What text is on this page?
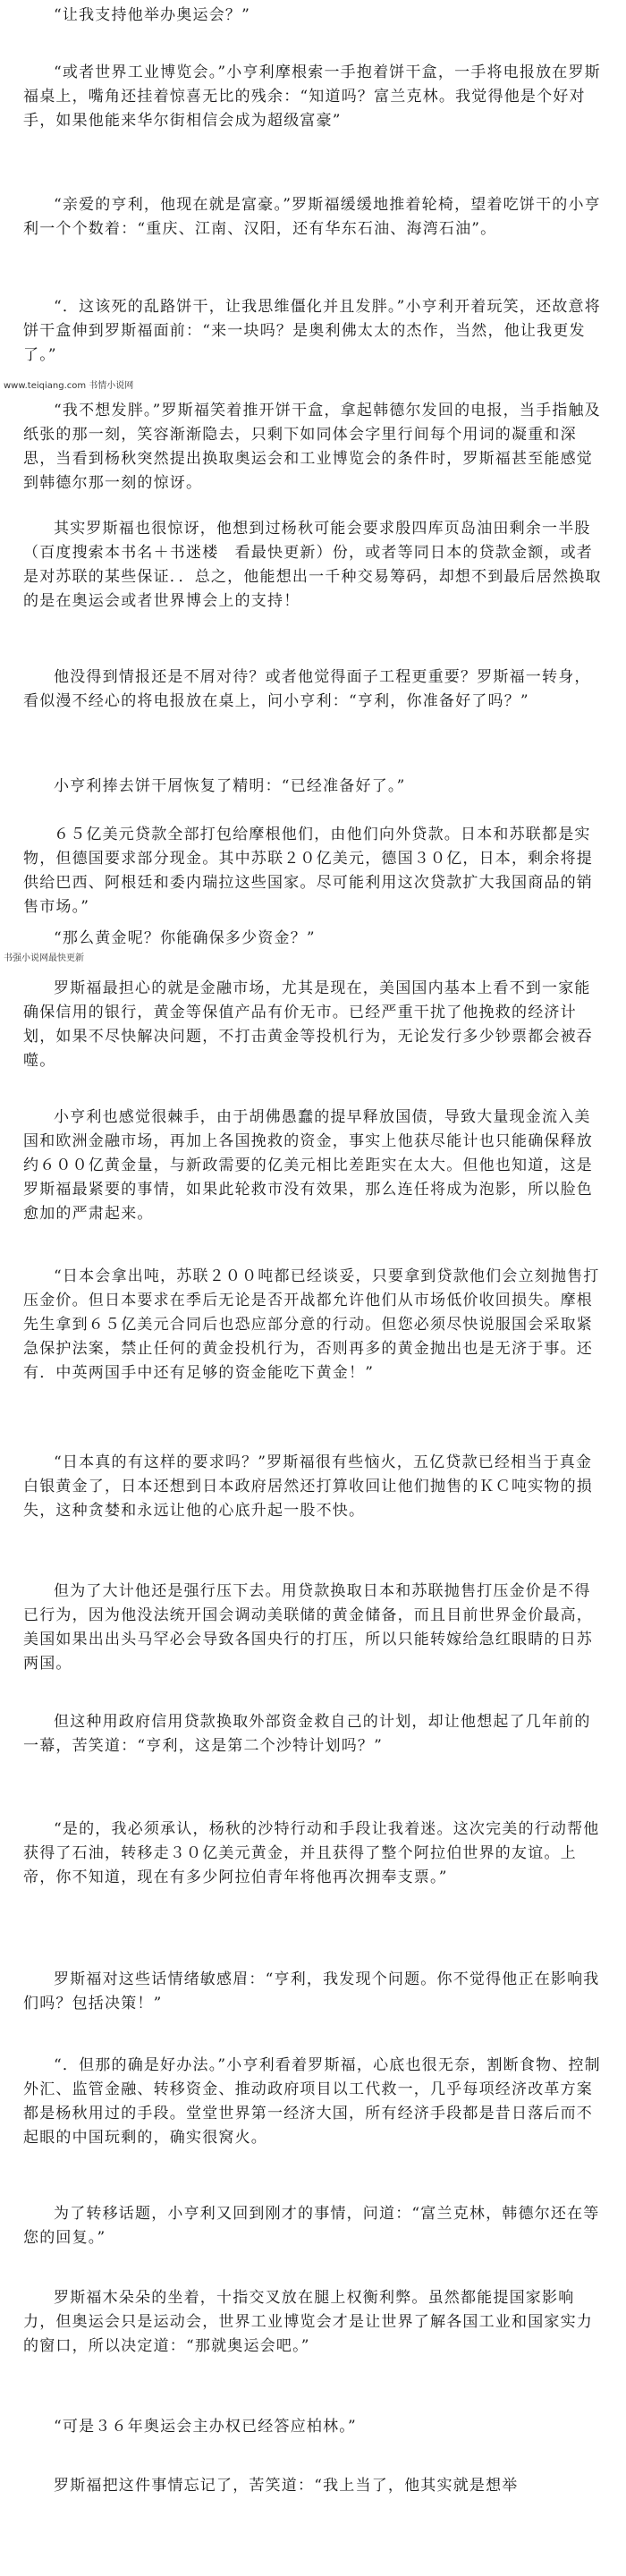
“让我支持他举办奥运会？”

“或者世界工业博览会。”小亨利摩根索一手抱着饼干盒，一手将电报放在罗斯福桌上，嘴角还挂着惊喜无比的残余：“知道吗？富兰克林。我觉得他是个好对手，如果他能来华尔街相信会成为超级富豪”

“亲爱的亨利，他现在就是富豪。”罗斯福缓缓地推着轮椅，望着吃饼干的小亨利一个个数着：“重庆、江南、汉阳，还有华东石油、海湾石油”。

“．这该死的乱路饼干，让我思维僵化并且发胖。”小亨利开着玩笑，还故意将饼干盒伸到罗斯福面前：“来一块吗？是奥利佛太太的杰作，当然，他让我更发了。”

www.teiqiang.com 书情小说网

“我不想发胖。”罗斯福笑着推开饼干盒，拿起韩德尔发回的电报，当手指触及纸张的那一刻，笑容渐渐隐去，只剩下如同体会字里行间每个用词的凝重和深思，当看到杨秋突然提出换取奥运会和工业博览会的条件时，罗斯福甚至能感觉到韩德尔那一刻的惊讶。

其实罗斯福也很惊讶，他想到过杨秋可能会要求殷四库页岛油田剩余一半股（百度搜索本书名＋书迷楼　看最快更新）份，或者等同日本的贷款金额，或者是对苏联的某些保证．．总之，他能想出一千种交易筹码，却想不到最后居然换取的是在奥运会或者世界博会上的支持！

他没得到情报还是不屑对待？或者他觉得面子工程更重要？罗斯福一转身，看似漫不经心的将电报放在桌上，问小亨利：“亨利，你准备好了吗？”

小亨利捧去饼干屑恢复了精明：“已经准备好了。”

６５亿美元贷款全部打包给摩根他们，由他们向外贷款。日本和苏联都是实物，但德国要求部分现金。其中苏联２０亿美元，德国３０亿，日本，剩余将提供给巴西、阿根廷和委内瑞拉这些国家。尽可能利用这次贷款扩大我国商品的销售市场。”

书强小说网最快更新

“那么黄金呢？你能确保多少资金？”

罗斯福最担心的就是金融市场，尤其是现在，美国国内基本上看不到一家能确保信用的银行，黄金等保值产品有价无市。已经严重干扰了他挽救的经济计划，如果不尽快解决问题，不打击黄金等投机行为，无论发行多少钞票都会被吞噬。

小亨利也感觉很棘手，由于胡佛愚蠢的提早释放国债，导致大量现金流入美国和欧洲金融市场，再加上各国挽救的资金，事实上他获尽能计也只能确保释放约６００亿黄金量，与新政需要的亿美元相比差距实在太大。但他也知道，这是罗斯福最紧要的事情，如果此轮救市没有效果，那么连任将成为泡影，所以脸色愈加的严肃起来。

“日本会拿出吨，苏联２００吨都已经谈妥，只要拿到贷款他们会立刻抛售打压金价。但日本要求在季后无论是否开战都允许他们从市场低价收回损失。摩根先生拿到６５亿美元合同后也恐应部分意的行动。但您必须尽快说服国会采取紧急保护法案，禁止任何的黄金投机行为，否则再多的黄金抛出也是无济于事。还有．中英两国手中还有足够的资金能吃下黄金！”

“日本真的有这样的要求吗？”罗斯福很有些恼火，五亿贷款已经相当于真金白银黄金了，日本还想到日本政府居然还打算收回让他们抛售的ＫＣ吨实物的损失，这种贪婪和永远让他的心底升起一股不快。

但为了大计他还是强行压下去。用贷款换取日本和苏联抛售打压金价是不得已行为，因为他没法统开国会调动美联储的黄金储备，而且目前世界金价最高，美国如果出出头马罕必会导致各国央行的打压，所以只能转嫁给急红眼睛的日苏两国。

但这种用政府信用贷款换取外部资金救自己的计划，却让他想起了几年前的一幕，苦笑道：“亨利，这是第二个沙特计划吗？”

“是的，我必须承认，杨秋的沙特行动和手段让我着迷。这次完美的行动帮他获得了石油，转移走３０亿美元黄金，并且获得了整个阿拉伯世界的友谊。上帝，你不知道，现在有多少阿拉伯青年将他再次拥奉支票。”

罗斯福对这些话情绪敏感眉：“亨利，我发现个问题。你不觉得他正在影响我们吗？包括决策！”

“．但那的确是好办法。”小亨利看着罗斯福，心底也很无奈，割断食物、控制外汇、监管金融、转移资金、推动政府项目以工代救一，几乎每项经济改革方案都是杨秋用过的手段。堂堂世界第一经济大国，所有经济手段都是昔日落后而不起眼的中国玩剩的，确实很窝火。

为了转移话题，小亨利又回到刚才的事情，问道：“富兰克林，韩德尔还在等您的回复。”

罗斯福木朵朵的坐着，十指交叉放在腿上权衡利弊。虽然都能提国家影响力，但奥运会只是运动会，世界工业博览会才是让世界了解各国工业和国家实力的窗口，所以决定道：“那就奥运会吧。”

“可是３６年奥运会主办权已经答应柏林。”

罗斯福把这件事情忘记了，苦笑道：“我上当了，他其实就是想举
